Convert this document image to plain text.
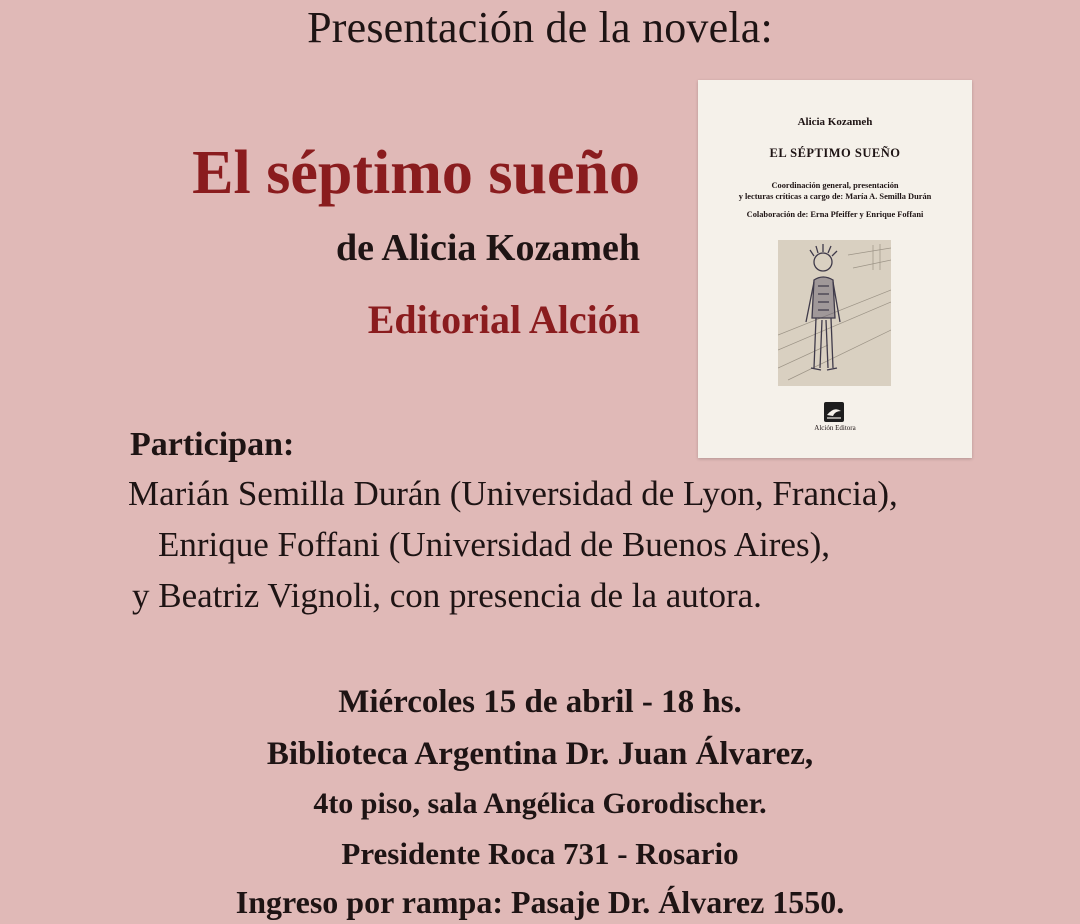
Presentación de la novela:
El séptimo sueño
de Alicia Kozameh
Editorial Alción
Alicia Kozameh
EL SÉPTIMO SUEÑO
Coordinación general, presentación
y lecturas críticas a cargo de: María A. Semilla Durán
Colaboración de: Erna Pfeiffer y Enrique Foffani
Alción Editora
Participan:
Marián Semilla Durán (Universidad de Lyon, Francia),
Enrique Foffani (Universidad de Buenos Aires),
y Beatriz Vignoli, con presencia de la autora.
Miércoles 15 de abril - 18 hs.
Biblioteca Argentina Dr. Juan Álvarez,
4to piso, sala Angélica Gorodischer.
Presidente Roca 731 - Rosario
Ingreso por rampa: Pasaje Dr. Álvarez 1550.
